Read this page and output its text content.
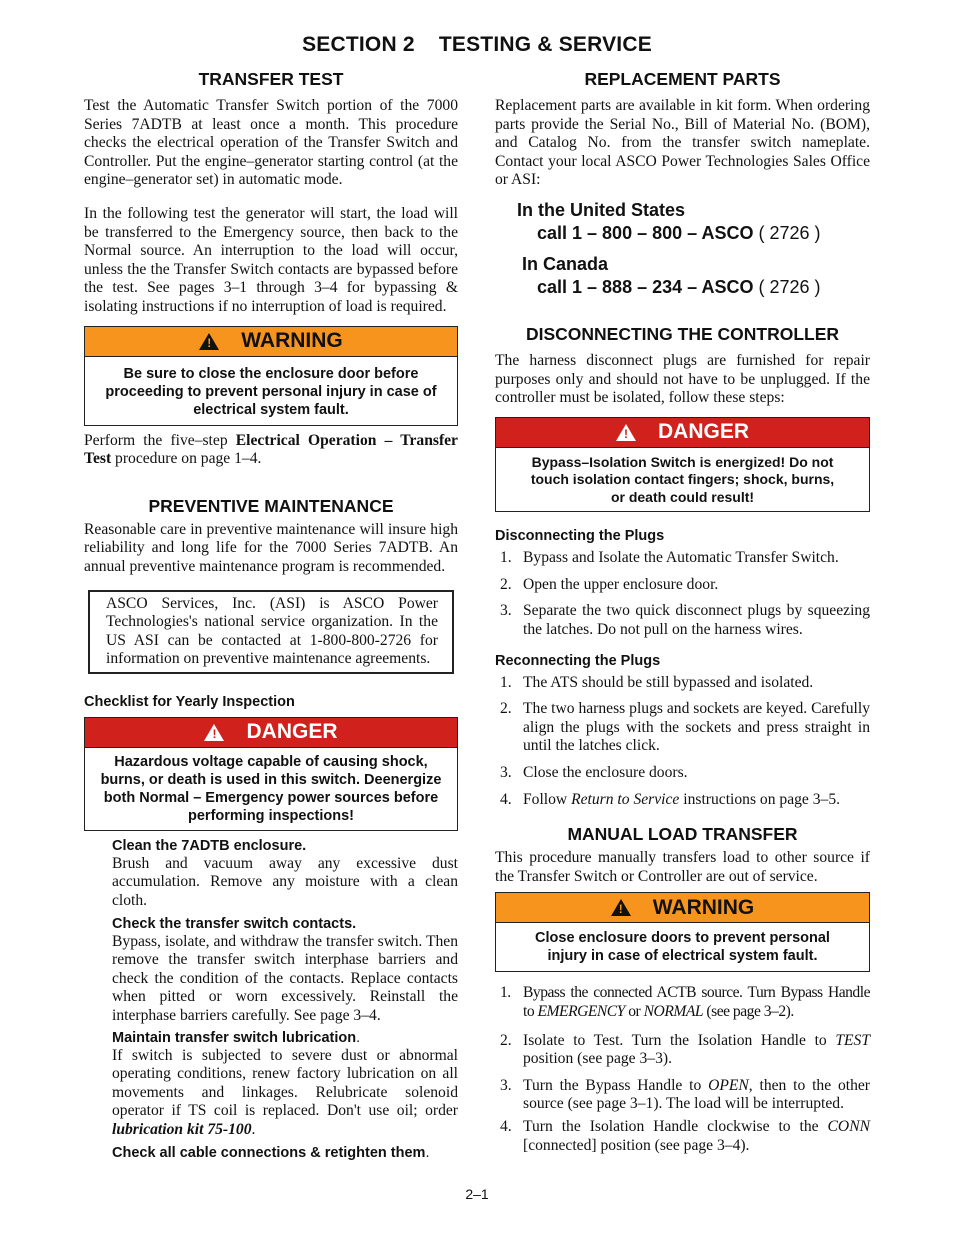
SECTION 2    TESTING & SERVICE
TRANSFER TEST

Test the Automatic Transfer Switch portion of the 7000 Series 7ADTB at least once a month. This procedure checks the electrical operation of the Transfer Switch and Controller. Put the engine–generator starting control (at the engine–generator set) in automatic mode.

In the following test the generator will start, the load will be transferred to the Emergency source, then back to the Normal source. An interruption to the load will occur, unless the the Transfer Switch contacts are bypassed before the test. See pages 3–1 through 3–4 for bypassing & isolating instructions if no interruption of load is required.

! WARNING
Be sure to close the enclosure door before proceeding to prevent personal injury in case of electrical system fault.

Perform the five–step Electrical Operation – Transfer Test procedure on page 1–4.

PREVENTIVE MAINTENANCE

Reasonable care in preventive maintenance will insure high reliability and long life for the 7000 Series 7ADTB. An annual preventive maintenance program is recommended.

ASCO Services, Inc. (ASI) is ASCO Power Technologies's national service organization. In the US ASI can be contacted at 1-800-800-2726 for information on preventive maintenance agreements.

Checklist for Yearly Inspection
! DANGER
Hazardous voltage capable of causing shock, burns, or death is used in this switch. Deenergize both Normal – Emergency power sources before performing inspections!
Clean the 7ADTB enclosure.

Brush and vacuum away any excessive dust accumulation. Remove any moisture with a clean cloth.

Check the transfer switch contacts.

Bypass, isolate, and withdraw the transfer switch. Then remove the transfer switch interphase barriers and check the condition of the contacts. Replace contacts when pitted or worn excessively. Reinstall the interphase barriers carefully. See page 3–4.

Maintain transfer switch lubrication.

If switch is subjected to severe dust or abnormal operating conditions, renew factory lubrication on all movements and linkages. Relubricate solenoid operator if TS coil is replaced. Don't use oil; order lubrication kit 75-100.

Check all cable connections & retighten them.
REPLACEMENT PARTS

Replacement parts are available in kit form. When ordering parts provide the Serial No., Bill of Material No. (BOM), and Catalog No. from the transfer switch nameplate. Contact your local ASCO Power Technologies Sales Office or ASI:

In the United States
call 1 – 800 – 800 – ASCO ( 2726 )
In Canada
call 1 – 888 – 234 – ASCO ( 2726 )
DISCONNECTING THE CONTROLLER

The harness disconnect plugs are furnished for repair purposes only and should not have to be unplugged. If the controller must be isolated, follow these steps:

! DANGER
Bypass–Isolation Switch is energized! Do not touch isolation contact fingers; shock, burns, or death could result!
Disconnecting the Plugs
1. Bypass and Isolate the Automatic Transfer Switch.
2. Open the upper enclosure door.
3. Separate the two quick disconnect plugs by squeezing the latches. Do not pull on the harness wires.
Reconnecting the Plugs
1. The ATS should be still bypassed and isolated.
2. The two harness plugs and sockets are keyed. Carefully align the plugs with the sockets and press straight in until the latches click.
3. Close the enclosure doors.
4. Follow Return to Service instructions on page 3–5.
MANUAL LOAD TRANSFER

This procedure manually transfers load to other source if the Transfer Switch or Controller are out of service.

! WARNING
Close enclosure doors to prevent personal injury in case of electrical system fault.
1. Bypass the connected ACTB source. Turn Bypass Handle to EMERGENCY or NORMAL (see page 3–2).
2. Isolate to Test. Turn the Isolation Handle to TEST position (see page 3–3).
3. Turn the Bypass Handle to OPEN, then to the other source (see page 3–1). The load will be interrupted.
4. Turn the Isolation Handle clockwise to the CONN [connected] position (see page 3–4).
2–1
